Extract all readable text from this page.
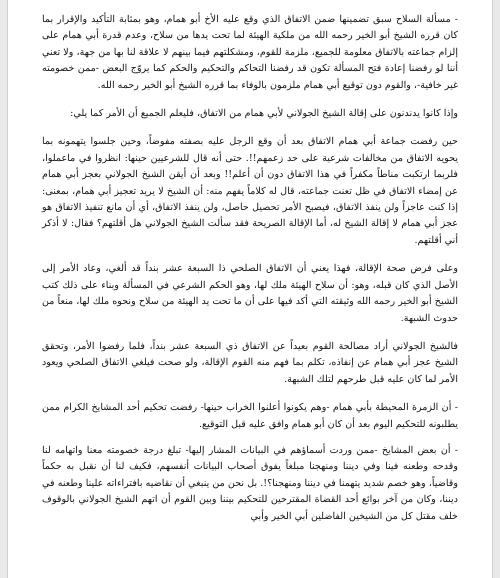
- مسألة السلاح سبق تضمينها ضمن الاتفاق الذي وقع عليه الأخ أبو همام، وهو بمثابة التأكيد والإقرار بما كان قرره الشيخ أبو الخير رحمه الله من ملكية الهيئة لما تحت يدها من سلاح، وعدم قدرة أبي همام على إلزام جماعته بالاتفاق معلومة للجميع، ملزمة للقوم، ومشكلتهم فيما بينهم لا علاقة لنا بها من جهة، ولا تعني أننا لو رفضنا إعادة فتح المسألة تكون قد رفضنا التحاكم والتحكيم والحكم كما يروّج البعض -ممن خصومته غير خافية-، والقوم دون توقيع أبي همام ملزمون بالوفاء بما قرره الشيخ أبو الخير رحمه الله.

وإذا كانوا يدندنون على إقالة الشيخ الجولاني لأبي همام من الاتفاق، فليعلم الجميع أن الأمر كما يلي:

حين رفضت جماعة أبي همام الاتفاق بعد أن وقع الرجل عليه بصفته مفوضاً، وحين جلسوا يتهمونه بما يحويه الاتفاق من مخالفات شرعية على حد زعمهم!!. حتى أنه قال للشرعيين حينها: انظروا في ماعملوا، فلربما ارتكبت مناطاً مكفراً في هذا الاتفاق دون أن أعلم!! وبعد أن أيقن الشيخ الجولاني بعجز أبي همام عن إمضاء الاتفاق في ظل تعنت جماعته، قال له كلاماً يفهم منه: أن الشيخ لا يريد تعجيز أبي همام، بمعنى: إذا كنت عاجزاً ولن ينفذ الاتفاق، فيصبح الأمر تحصيل حاصل، ولن ينفذ الاتفاق، أي أن مانع تنفيذ الاتفاق هو عجز أبي همام لا إقالة الشيخ له، أما الإقالة الصريحة فقد سألت الشيخ الجولاني هل أقلتهم؟ فقال: لا أذكر أني أقلتهم.

وعلى فرض صحة الإقالة، فهذا يعني أن الاتفاق الصلحي ذا السبعة عشر بنداً قد ألغي، وعاد الأمر إلى الأصل الذي كان قبله، وهو: أن سلاح الهيئة ملك لها، وهو الحكم الشرعي في المسألة وبناء على ذلك كتب الشيخ أبو الخير رحمه الله وثيقته التي أكد فيها على أن ما تحت يد الهيئة من سلاح ونحوه ملك لها، منعاً من حدوث الشبهة.

فالشيخ الجولاني أراد مصالحة القوم بعيداً عن الاتفاق ذي السبعة عشر بنداً، فلما رفضوا الأمر، وتحقق الشيخ عجز أبي همام عن إنفاذه، تكلم بما فهم منه القوم الإقالة، ولو صحت فيلغي الاتفاق الصلحي ويعود الأمر لما كان عليه قبل طرحهم لتلك الشبهة.

- أن الزمرة المحيطة بأبي همام -وهم يكونوا أعلنوا الخراب حينها- رفضت تحكيم أحد المشايخ الكرام ممن يطلبونه للتحكيم اليوم بعد أن كان أبو همام وافق عليه قبل التوقيع.

- أن بعض المشايخ -ممن وردت أسماؤهم في البيانات المشار إليها- تبلغ درجة خصومته معنا واتهامه لنا وقدحه وطعنه فينا وفي ديننا ومنهجنا مبلغاً يفوق أصحاب البيانات أنفسهم، فكيف لنا أن نقبل به حكماً وقاضياً، وهو خصم شديد يتهمنا في ديننا ومنهجنا؟!. بل نحن من ينبغي أن نقاضيه بافتراءاته علينا وطعنه في ديننا، وكان من آخر بوائع أحد القضاة المقترحين للتحكيم بيننا وبين القوم أن اتهم الشيخ الجولاني بالوقوف خلف مقتل كل من الشيخين الفاضلين أبي الخير وأبي
